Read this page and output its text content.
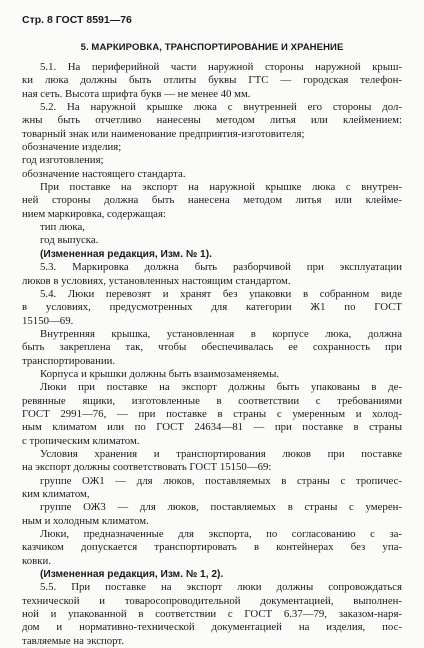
Стр. 8 ГОСТ 8591—76
5. МАРКИРОВКА, ТРАНСПОРТИРОВАНИЕ И ХРАНЕНИЕ
5.1. На периферийной части наружной стороны наружной крыш-
ки люка должны быть отлиты буквы ГТС — городская телефон-
ная сеть. Высота шрифта букв — не менее 40 мм.
5.2. На наружной крышке люка с внутренней его стороны дол-
жны быть отчетливо нанесены методом литья или клеймением:
товарный знак или наименование предприятия-изготовителя;
обозначение изделия;
год изготовления;
обозначение настоящего стандарта.
При поставке на экспорт на наружной крышке люка с внутрен-
ней стороны должна быть нанесена методом литья или клейме-
нием маркировка, содержащая:
тип люка,
год выпуска.
(Измененная редакция, Изм. № 1).
5.3. Маркировка должна быть разборчивой при эксплуатации
люков в условиях, установленных настоящим стандартом.
5.4. Люки перевозят и хранят без упаковки в собранном виде
в условиях, предусмотренных для категории Ж1 по ГОСТ
15150—69.
Внутренняя крышка, установленная в корпусе люка, должна
быть закреплена так, чтобы обеспечивалась ее сохранность при
транспортировании.
Корпуса и крышки должны быть взаимозаменяемы.
Люки при поставке на экспорт должны быть упакованы в де-
ревянные ящики, изготовленные в соответствии с требованиями
ГОСТ 2991—76, — при поставке в страны с умеренным и холод-
ным климатом или по ГОСТ 24634—81 — при поставке в страны
с тропическим климатом.
Условия хранения и транспортирования люков при поставке
на экспорт должны соответствовать ГОСТ 15150—69:
группе ОЖ1 — для люков, поставляемых в страны с тропичес-
ким климатом,
группе ОЖ3 — для люков, поставляемых в страны с умерен-
ным и холодным климатом.
Люки, предназначенные для экспорта, по согласованию с за-
казчиком допускается транспортировать в контейнерах без упа-
ковки.
(Измененная редакция, Изм. № 1, 2).
5.5. При поставке на экспорт люки должны сопровождаться
технической и товаросопроводительной документацией, выполнен-
ной и упакованной в соответствии с ГОСТ 6.37—79, заказом-наря-
дом и нормативно-технической документацией на изделия, пос-
тавляемые на экспорт.
